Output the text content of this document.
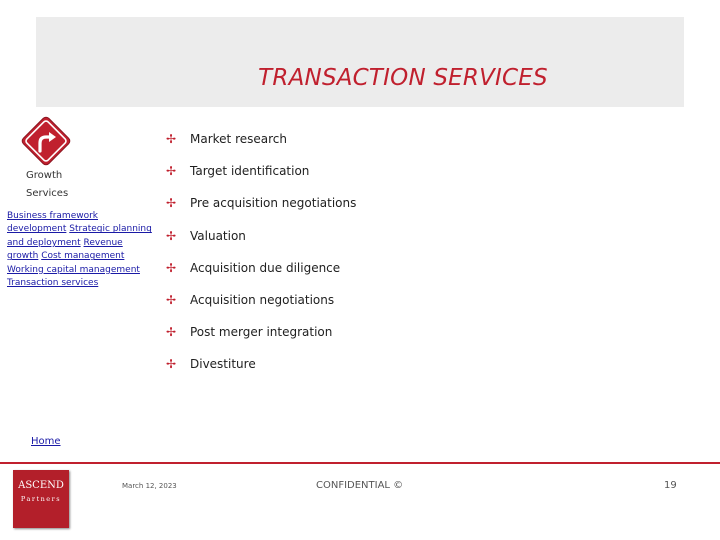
TRANSACTION SERVICES
Growth
Services
Business framework development Strategic planning and deployment Revenue growth Cost management Working capital management Transaction services
✢	Market research
✢	Target identification
✢	Pre acquisition negotiations
✢	Valuation
✢	Acquisition due diligence
✢	Acquisition negotiations
✢	Post merger integration
✢	Divestiture
Home
ASCEND
Partners
March 12, 2023	CONFIDENTIAL ©	19
